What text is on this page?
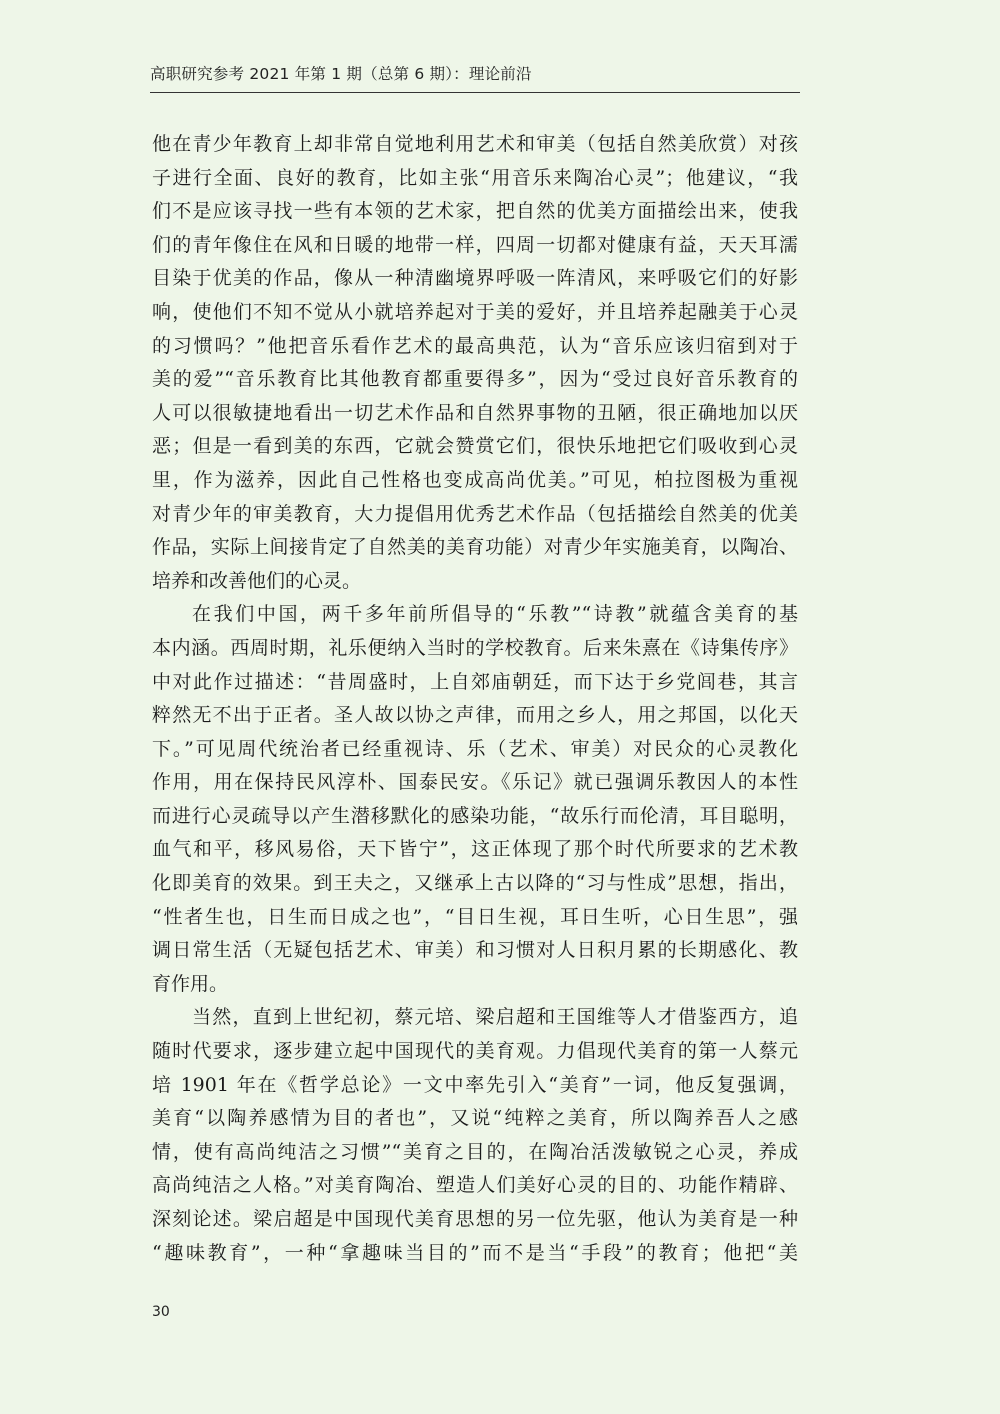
高职研究参考 2021 年第 1 期（总第 6 期）：理论前沿
他在青少年教育上却非常自觉地利用艺术和审美（包括自然美欣赏）对孩
子进行全面、良好的教育，比如主张“用音乐来陶冶心灵”；他建议，“我
们不是应该寻找一些有本领的艺术家，把自然的优美方面描绘出来，使我
们的青年像住在风和日暖的地带一样，四周一切都对健康有益，天天耳濡
目染于优美的作品，像从一种清幽境界呼吸一阵清风，来呼吸它们的好影
响，使他们不知不觉从小就培养起对于美的爱好，并且培养起融美于心灵
的习惯吗？”他把音乐看作艺术的最高典范，认为“音乐应该归宿到对于
美的爱”“音乐教育比其他教育都重要得多”，因为“受过良好音乐教育的
人可以很敏捷地看出一切艺术作品和自然界事物的丑陋，很正确地加以厌
恶；但是一看到美的东西，它就会赞赏它们，很快乐地把它们吸收到心灵
里，作为滋养，因此自己性格也变成高尚优美。”可见，柏拉图极为重视
对青少年的审美教育，大力提倡用优秀艺术作品（包括描绘自然美的优美
作品，实际上间接肯定了自然美的美育功能）对青少年实施美育，以陶冶、
培养和改善他们的心灵。
在我们中国，两千多年前所倡导的“乐教”“诗教”就蕴含美育的基
本内涵。西周时期，礼乐便纳入当时的学校教育。后来朱熹在《诗集传序》
中对此作过描述：“昔周盛时，上自郊庙朝廷，而下达于乡党闾巷，其言
粹然无不出于正者。圣人故以协之声律，而用之乡人，用之邦国，以化天
下。”可见周代统治者已经重视诗、乐（艺术、审美）对民众的心灵教化
作用，用在保持民风淳朴、国泰民安。《乐记》就已强调乐教因人的本性
而进行心灵疏导以产生潜移默化的感染功能，“故乐行而伦清，耳目聪明，
血气和平，移风易俗，天下皆宁”，这正体现了那个时代所要求的艺术教
化即美育的效果。到王夫之，又继承上古以降的“习与性成”思想，指出，
“性者生也，日生而日成之也”，“目日生视，耳日生听，心日生思”，强
调日常生活（无疑包括艺术、审美）和习惯对人日积月累的长期感化、教
育作用。
当然，直到上世纪初，蔡元培、梁启超和王国维等人才借鉴西方，追
随时代要求，逐步建立起中国现代的美育观。力倡现代美育的第一人蔡元
培 1901 年在《哲学总论》一文中率先引入“美育”一词，他反复强调，
美育“以陶养感情为目的者也”，又说“纯粹之美育，所以陶养吾人之感
情，使有高尚纯洁之习惯”“美育之目的，在陶冶活泼敏锐之心灵，养成
高尚纯洁之人格。”对美育陶冶、塑造人们美好心灵的目的、功能作精辟、
深刻论述。梁启超是中国现代美育思想的另一位先驱，他认为美育是一种
“趣味教育”，一种“拿趣味当目的”而不是当“手段”的教育；他把“美
30
